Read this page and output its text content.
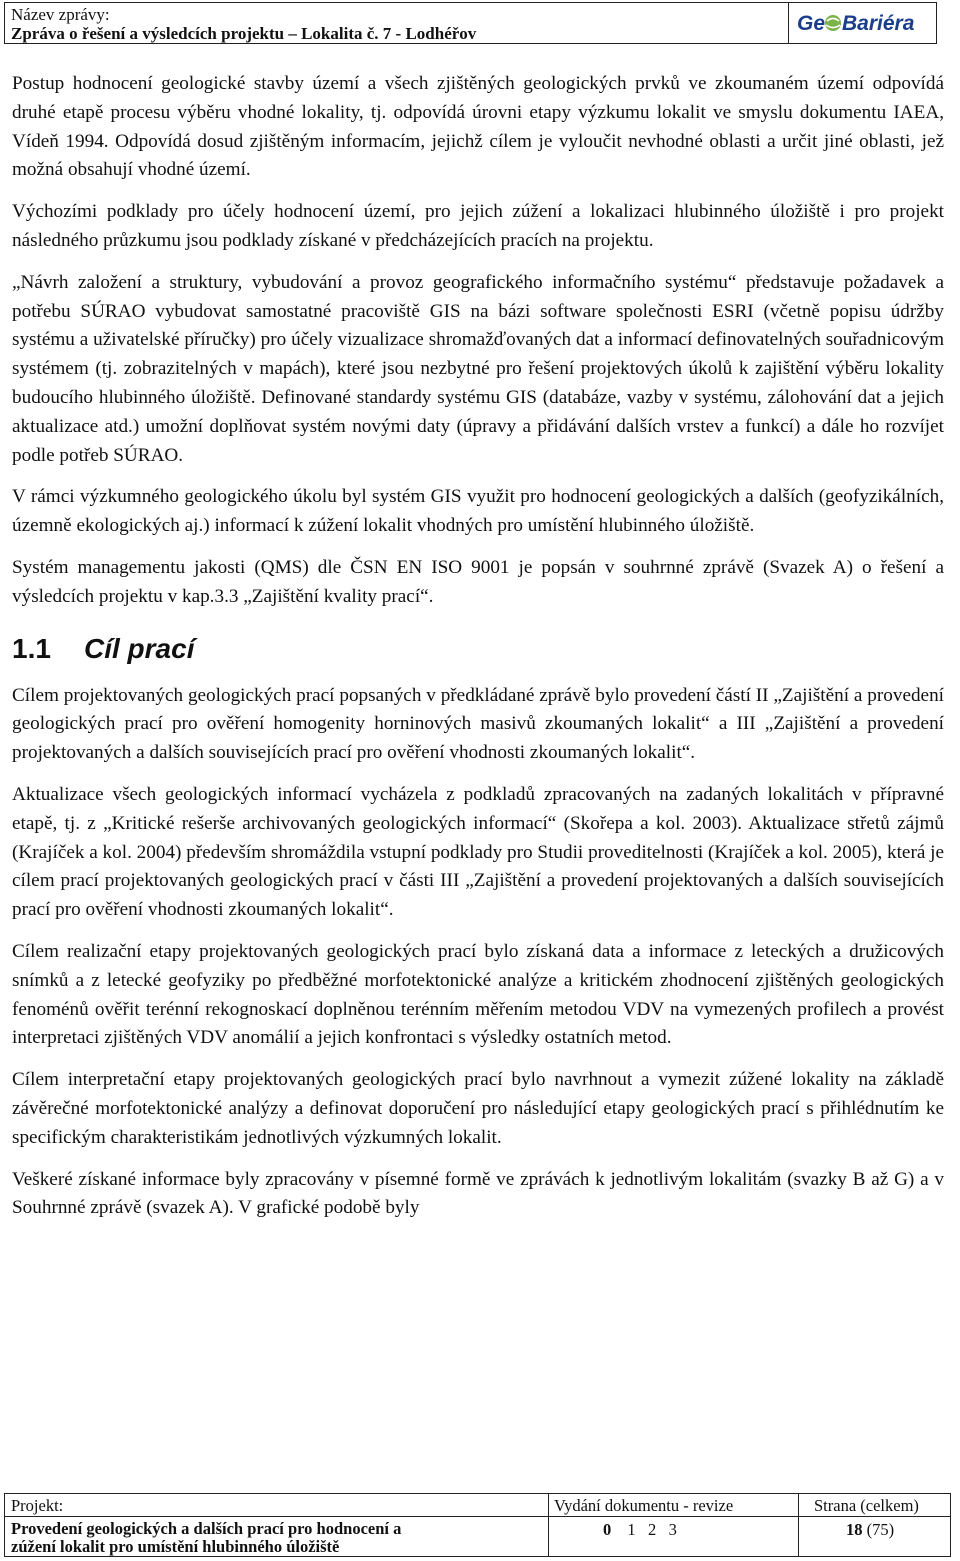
Název zprávy:
Zpráva o řešení a výsledcích projektu – Lokalita č. 7 - Lodhéřov	Ge Bariéra

Postup hodnocení geologické stavby území a všech zjištěných geologických prvků ve zkoumaném území odpovídá druhé etapě procesu výběru vhodné lokality, tj. odpovídá úrovni etapy výzkumu lokalit ve smyslu dokumentu IAEA, Vídeň 1994. Odpovídá dosud zjištěným informacím, jejichž cílem je vyloučit nevhodné oblasti a určit jiné oblasti, jež možná obsahují vhodné území.

Výchozími podklady pro účely hodnocení území, pro jejich zúžení a lokalizaci hlubinného úložiště i pro projekt následného průzkumu jsou podklady získané v předcházejících pracích na projektu.

„Návrh založení a struktury, vybudování a provoz geografického informačního systému“ představuje požadavek a potřebu SÚRAO vybudovat samostatné pracoviště GIS na bázi software společnosti ESRI (včetně popisu údržby systému a uživatelské příručky) pro účely vizualizace shromažďovaných dat a informací definovatelných souřadnicovým systémem (tj. zobrazitelných v mapách), které jsou nezbytné pro řešení projektových úkolů k zajištění výběru lokality budoucího hlubinného úložiště. Definované standardy systému GIS (databáze, vazby v systému, zálohování dat a jejich aktualizace atd.) umožní doplňovat systém novými daty (úpravy a přidávání dalších vrstev a funkcí) a dále ho rozvíjet podle potřeb SÚRAO.

V rámci výzkumného geologického úkolu byl systém GIS využit pro hodnocení geologických a dalších (geofyzikálních, územně ekologických aj.) informací k zúžení lokalit vhodných pro umístění hlubinného úložiště.

Systém managementu jakosti (QMS) dle ČSN EN ISO 9001 je popsán v souhrnné zprávě (Svazek A) o řešení a výsledcích projektu v kap.3.3 „Zajištění kvality prací“.

1.1 Cíl prací

Cílem projektovaných geologických prací popsaných v předkládané zprávě bylo provedení částí II „Zajištění a provedení geologických prací pro ověření homogenity horninových masivů zkoumaných lokalit“ a III „Zajištění a provedení projektovaných a dalších souvisejících prací pro ověření vhodnosti zkoumaných lokalit“.

Aktualizace všech geologických informací vycházela z podkladů zpracovaných na zadaných lokalitách v přípravné etapě, tj. z „Kritické rešerše archivovaných geologických informací“ (Skořepa a kol. 2003). Aktualizace střetů zájmů (Krajíček a kol. 2004) především shromáždila vstupní podklady pro Studii proveditelnosti (Krajíček a kol. 2005), která je cílem prací projektovaných geologických prací v části III „Zajištění a provedení projektovaných a dalších souvisejících prací pro ověření vhodnosti zkoumaných lokalit“.

Cílem realizační etapy projektovaných geologických prací bylo získaná data a informace z leteckých a družicových snímků a z letecké geofyziky po předběžné morfotektonické analýze a kritickém zhodnocení zjištěných geologických fenoménů ověřit terénní rekognoskací doplněnou terénním měřením metodou VDV na vymezených profilech a provést interpretaci zjištěných VDV anomálií a jejich konfrontaci s výsledky ostatních metod.

Cílem interpretační etapy projektovaných geologických prací bylo navrhnout a vymezit zúžené lokality na základě závěrečné morfotektonické analýzy a definovat doporučení pro následující etapy geologických prací s přihlédnutím ke specifickým charakteristikám jednotlivých výzkumných lokalit.

Veškeré získané informace byly zpracovány v písemné formě ve zprávách k jednotlivým lokalitám (svazky B až G) a v Souhrnné zprávě (svazek A). V grafické podobě byly

Projekt:
Provedení geologických a dalších prací pro hodnocení a
zúžení lokalit pro umístění hlubinného úložiště
Vydání dokumentu - revize
0 1   2   3
Strana (celkem)
18 (75)
